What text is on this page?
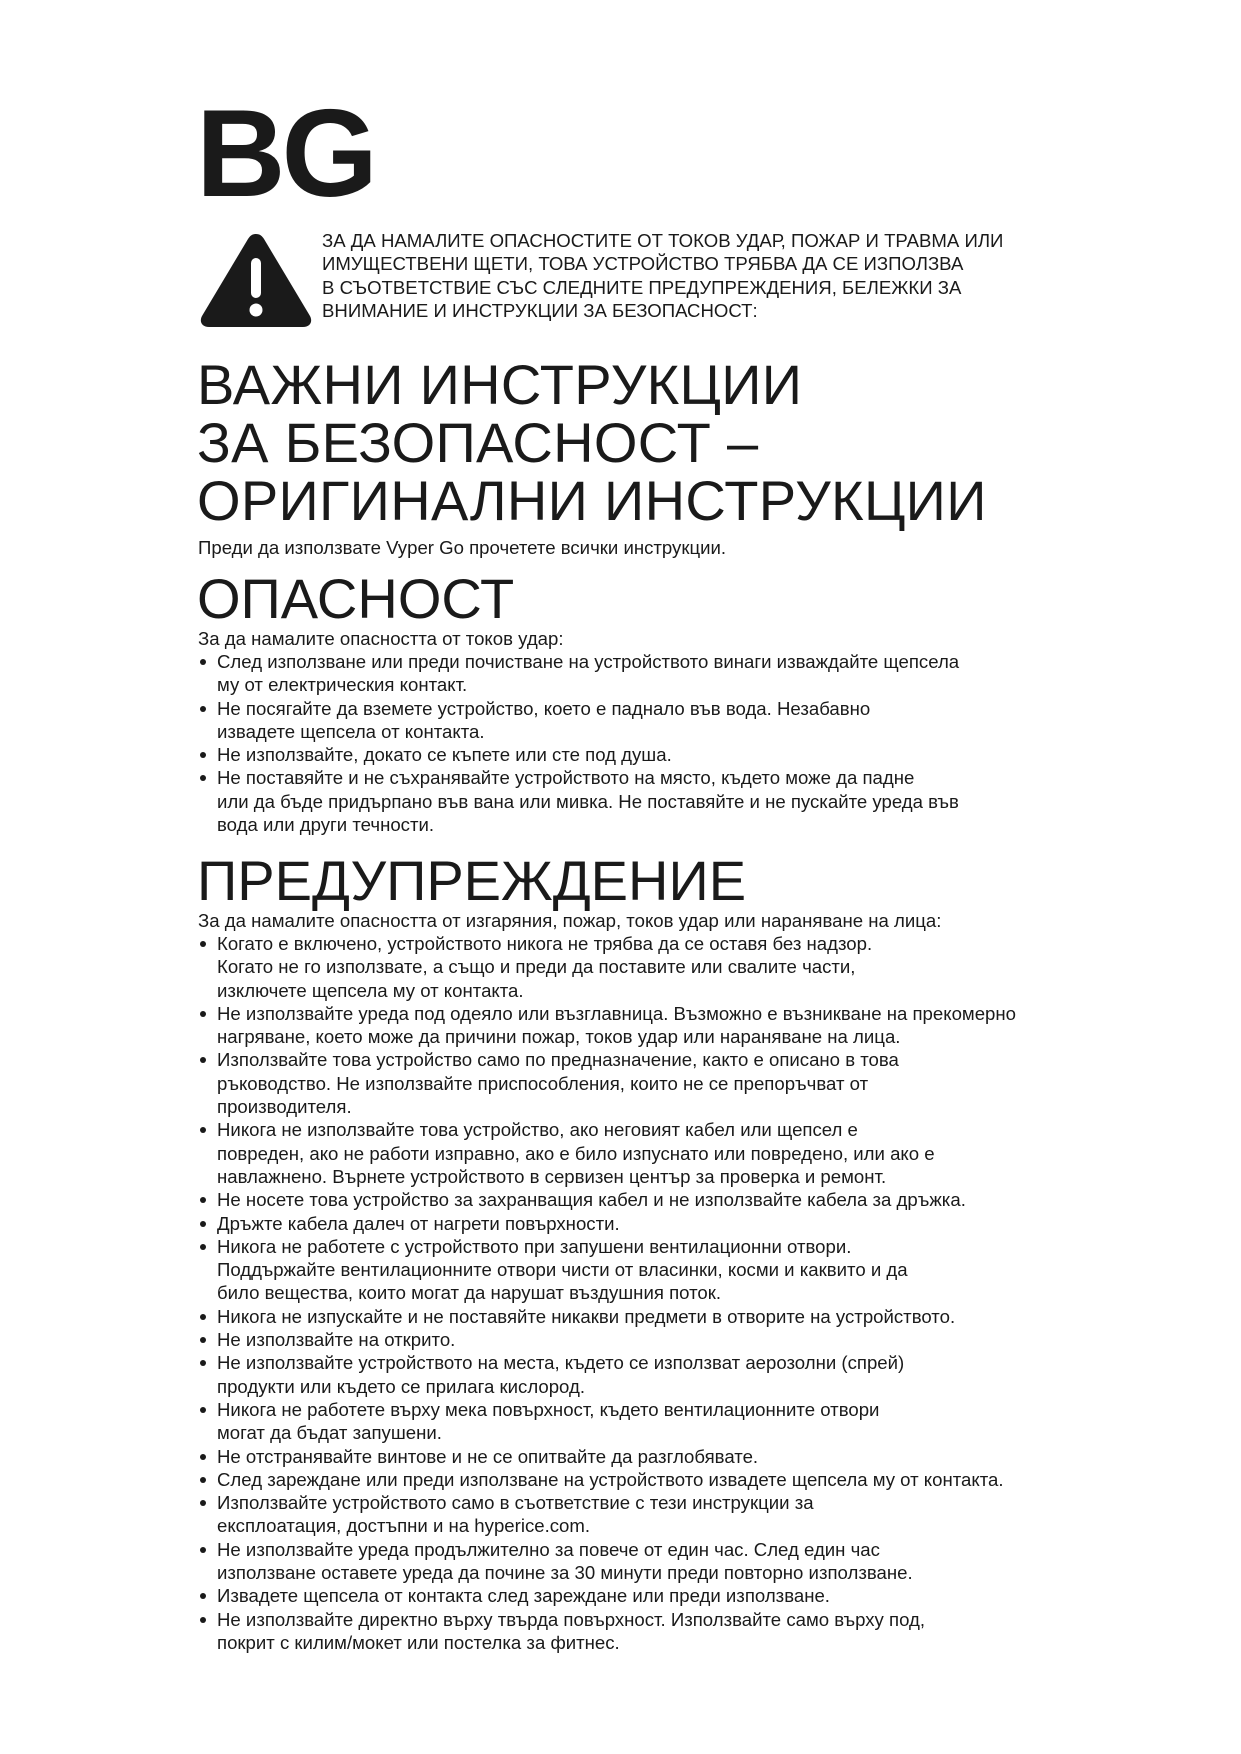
BG
ЗА ДА НАМАЛИТЕ ОПАСНОСТИТЕ ОТ ТОКОВ УДАР, ПОЖАР И ТРАВМА ИЛИ
ИМУЩЕСТВЕНИ ЩЕТИ, ТОВА УСТРОЙСТВО ТРЯБВА ДА СЕ ИЗПОЛЗВА
В СЪОТВЕТСТВИЕ СЪС СЛЕДНИТЕ ПРЕДУПРЕЖДЕНИЯ, БЕЛЕЖКИ ЗА
ВНИМАНИЕ И ИНСТРУКЦИИ ЗА БЕЗОПАСНОСТ:
ВАЖНИ ИНСТРУКЦИИ
ЗА БЕЗОПАСНОСТ –
ОРИГИНАЛНИ ИНСТРУКЦИИ
Преди да използвате Vyper Go прочетете всички инструкции.
ОПАСНОСТ
За да намалите опасността от токов удар:
След използване или преди почистване на устройството винаги изваждайте щепсела
му от електрическия контакт.
Не посягайте да вземете устройство, което е паднало във вода. Незабавно
извадете щепсела от контакта.
Не използвайте, докато се къпете или сте под душа.
Не поставяйте и не съхранявайте устройството на място, където може да падне
или да бъде придърпано във вана или мивка. Не поставяйте и не пускайте уреда във
вода или други течности.
ПРЕДУПРЕЖДЕНИЕ
За да намалите опасността от изгаряния, пожар, токов удар или нараняване на лица:
Когато е включено, устройството никога не трябва да се оставя без надзор.
Когато не го използвате, а също и преди да поставите или свалите части,
изключете щепсела му от контакта.
Не използвайте уреда под одеяло или възглавница. Възможно е възникване на прекомерно
нагряване, което може да причини пожар, токов удар или нараняване на лица.
Използвайте това устройство само по предназначение, както е описано в това
ръководство. Не използвайте приспособления, които не се препоръчват от
производителя.
Никога не използвайте това устройство, ако неговият кабел или щепсел е
повреден, ако не работи изправно, ако е било изпуснато или повредено, или ако е
навлажнено. Върнете устройството в сервизен център за проверка и ремонт.
Не носете това устройство за захранващия кабел и не използвайте кабела за дръжка.
Дръжте кабела далеч от нагрети повърхности.
Никога не работете с устройството при запушени вентилационни отвори.
Поддържайте вентилационните отвори чисти от власинки, косми и каквито и да
било вещества, които могат да нарушат въздушния поток.
Никога не изпускайте и не поставяйте никакви предмети в отворите на устройството.
Не използвайте на открито.
Не използвайте устройството на места, където се използват аерозолни (спрей)
продукти или където се прилага кислород.
Никога не работете върху мека повърхност, където вентилационните отвори
могат да бъдат запушени.
Не отстранявайте винтове и не се опитвайте да разглобявате.
След зареждане или преди използване на устройството извадете щепсела му от контакта.
Използвайте устройството само в съответствие с тези инструкции за
експлоатация, достъпни и на hyperice.com.
Не използвайте уреда продължително за повече от един час. След един час
използване оставете уреда да почине за 30 минути преди повторно използване.
Извадете щепсела от контакта след зареждане или преди използване.
Не използвайте директно върху твърда повърхност. Използвайте само върху под,
покрит с килим/мокет или постелка за фитнес.
